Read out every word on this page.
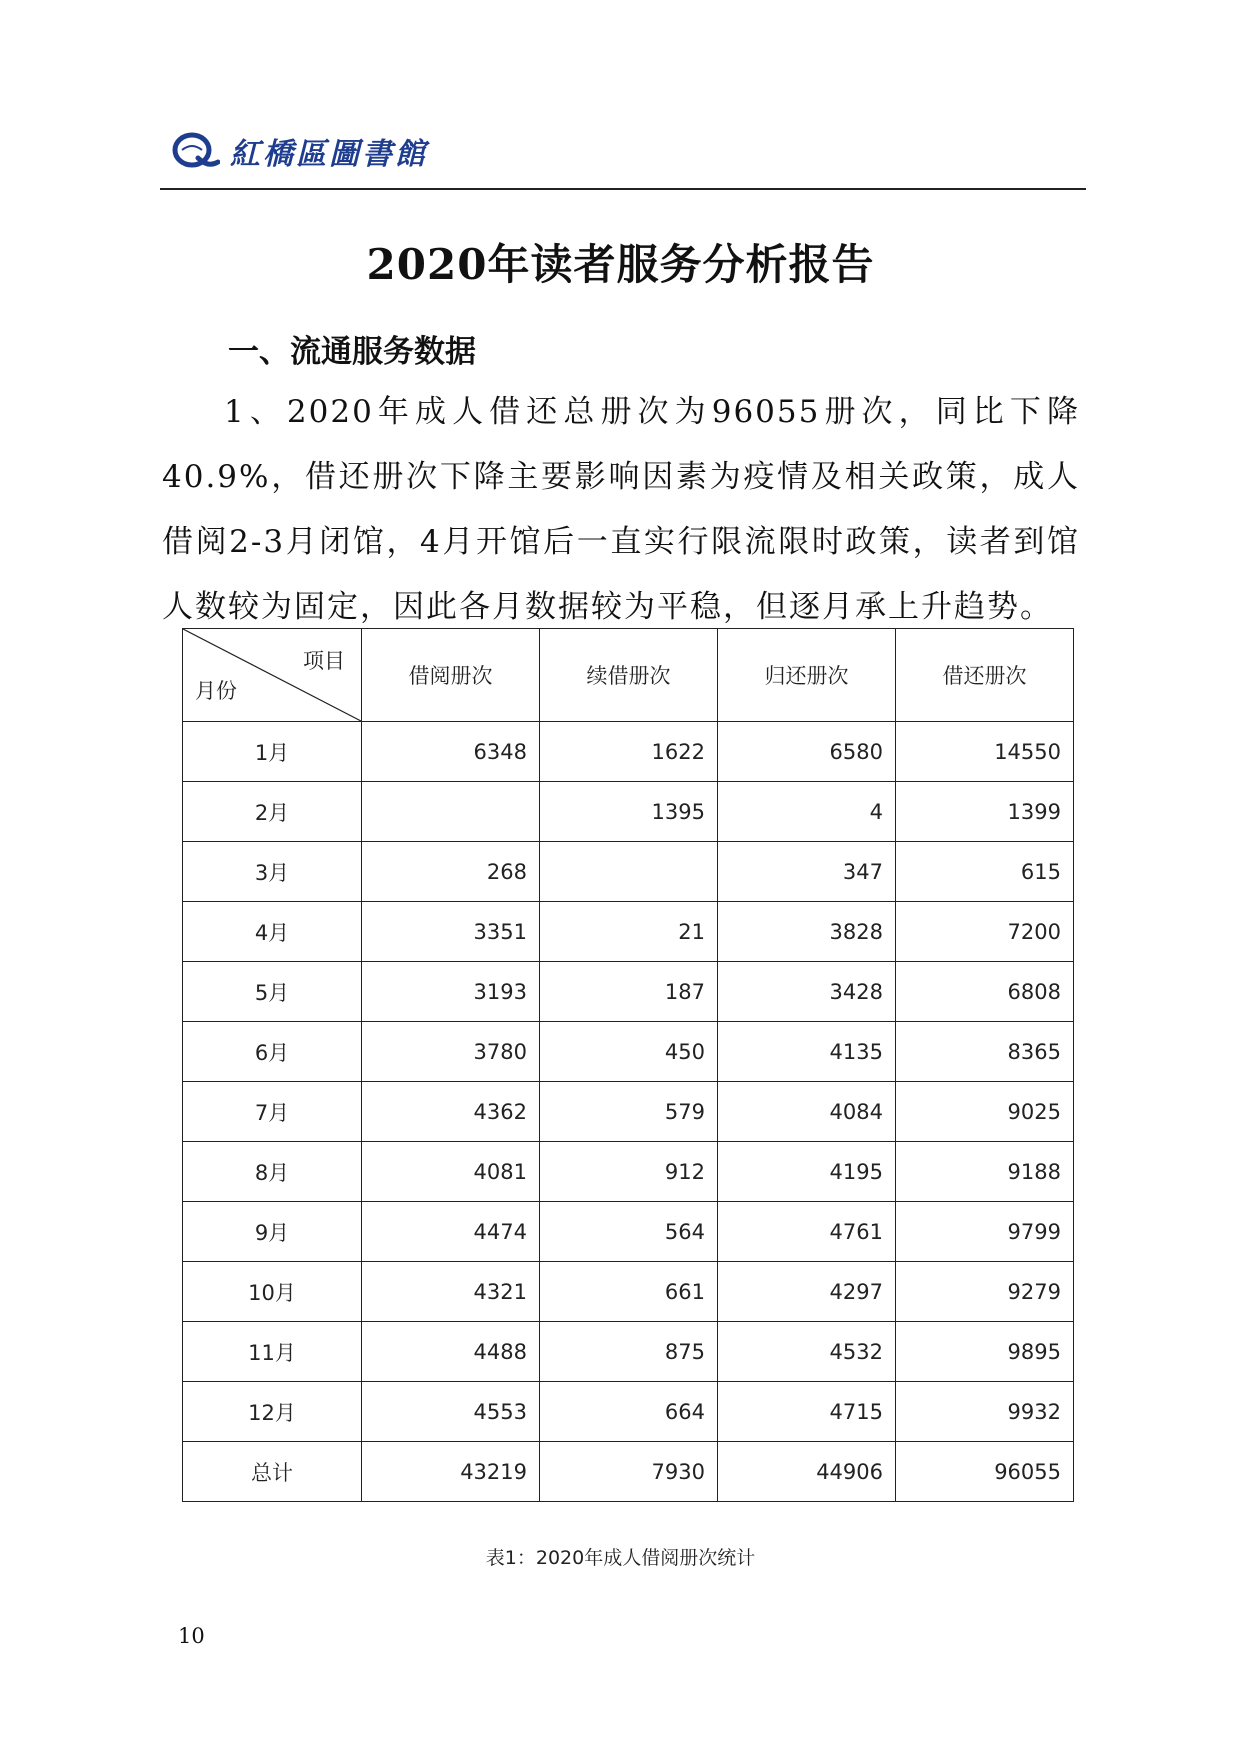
紅橋區圖書館
2020年读者服务分析报告
一、流通服务数据

1、2020年成人借还总册次为96055册次，同比下降40.9%，借还册次下降主要影响因素为疫情及相关政策，成人借阅2-3月闭馆，4月开馆后一直实行限流限时政策，读者到馆人数较为固定，因此各月数据较为平稳，但逐月承上升趋势。

项目
月份	借阅册次	续借册次	归还册次	借还册次
1月	6348	1622	6580	14550
2月		1395	4	1399
3月	268		347	615
4月	3351	21	3828	7200
5月	3193	187	3428	6808
6月	3780	450	4135	8365
7月	4362	579	4084	9025
8月	4081	912	4195	9188
9月	4474	564	4761	9799
10月	4321	661	4297	9279
11月	4488	875	4532	9895
12月	4553	664	4715	9932
总计	43219	7930	44906	96055
表1：2020年成人借阅册次统计
10
